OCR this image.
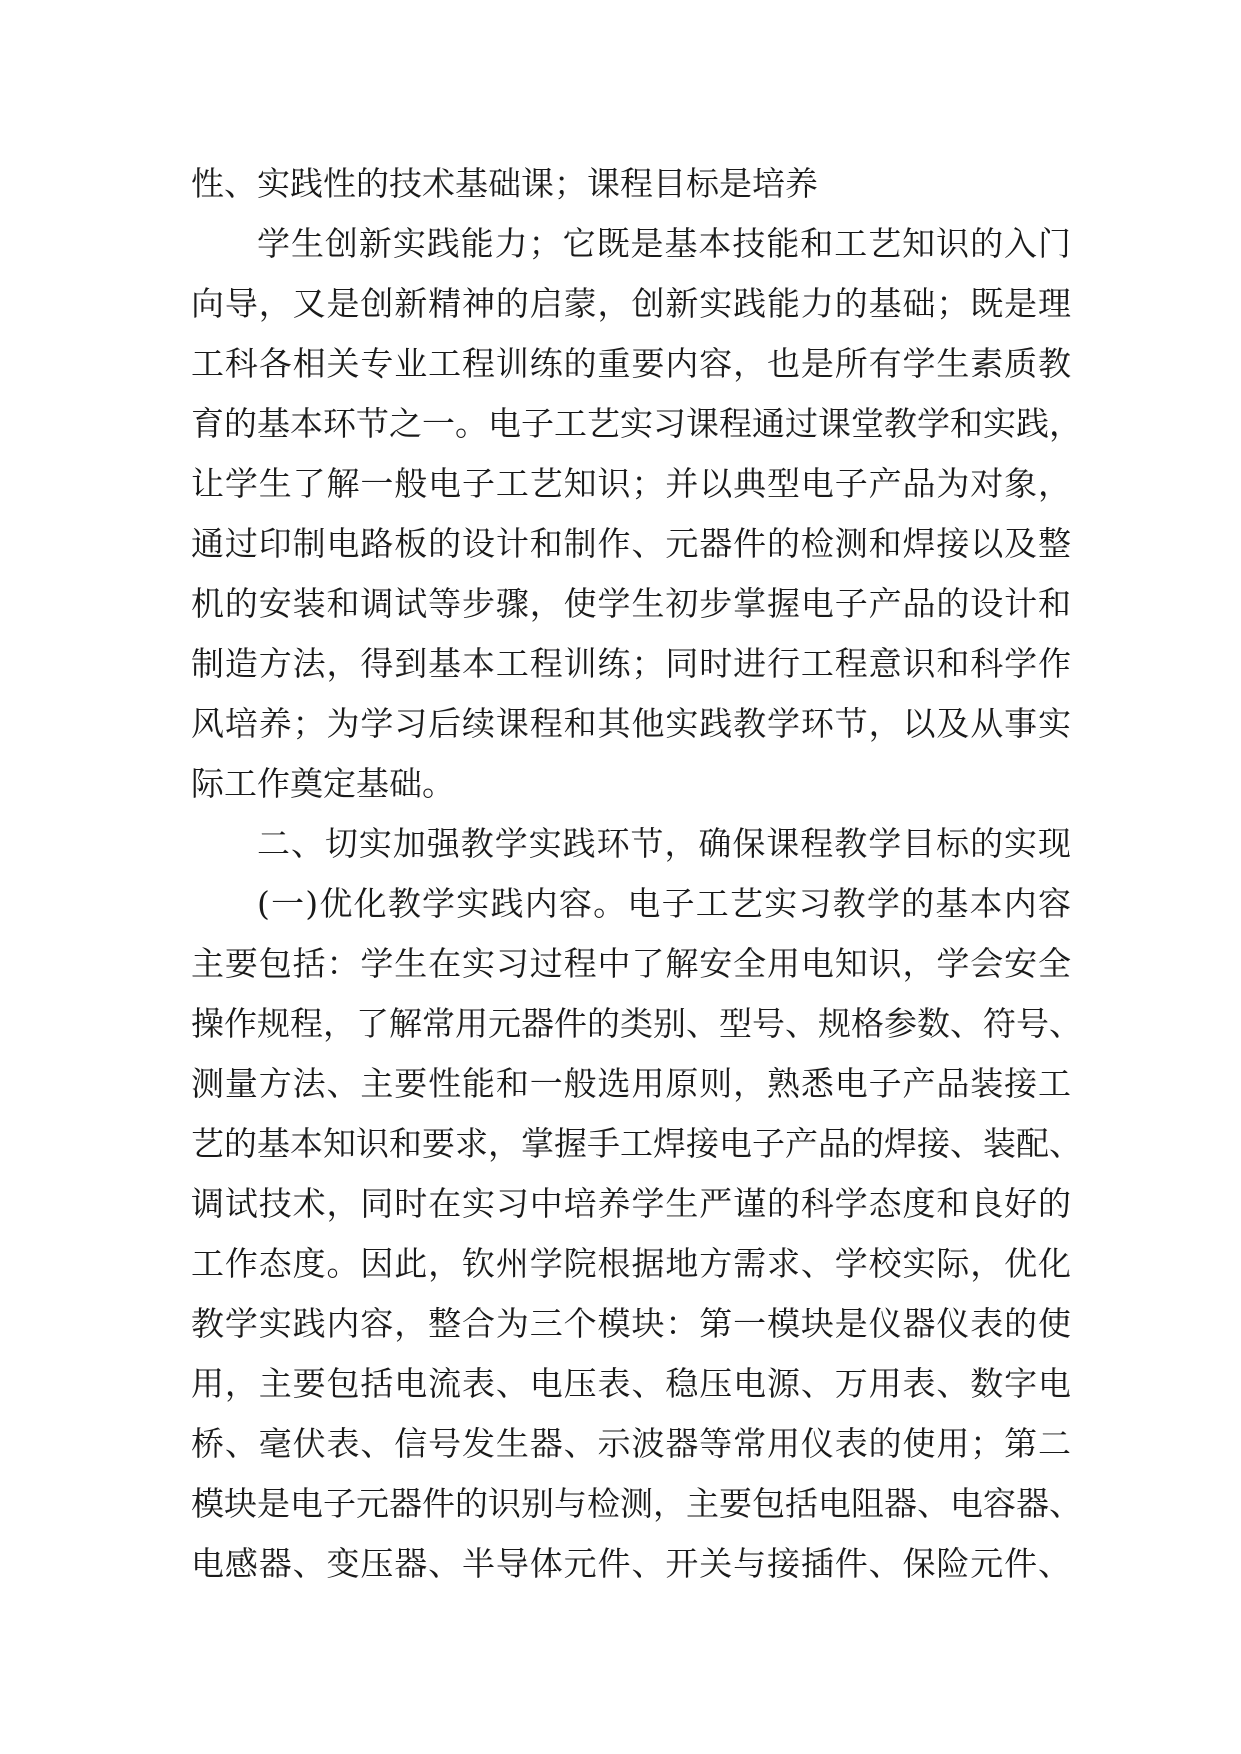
性、实践性的技术基础课；课程目标是培养
学生创新实践能力；它既是基本技能和工艺知识的入门
向导，又是创新精神的启蒙，创新实践能力的基础；既是理
工科各相关专业工程训练的重要内容，也是所有学生素质教
育的基本环节之一。电子工艺实习课程通过课堂教学和实践，
让学生了解一般电子工艺知识；并以典型电子产品为对象，
通过印制电路板的设计和制作、元器件的检测和焊接以及整
机的安装和调试等步骤，使学生初步掌握电子产品的设计和
制造方法，得到基本工程训练；同时进行工程意识和科学作
风培养；为学习后续课程和其他实践教学环节，以及从事实
际工作奠定基础。
二、切实加强教学实践环节，确保课程教学目标的实现
(一)优化教学实践内容。电子工艺实习教学的基本内容
主要包括：学生在实习过程中了解安全用电知识，学会安全
操作规程，了解常用元器件的类别、型号、规格参数、符号、
测量方法、主要性能和一般选用原则，熟悉电子产品装接工
艺的基本知识和要求，掌握手工焊接电子产品的焊接、装配、
调试技术，同时在实习中培养学生严谨的科学态度和良好的
工作态度。因此，钦州学院根据地方需求、学校实际，优化
教学实践内容，整合为三个模块：第一模块是仪器仪表的使
用，主要包括电流表、电压表、稳压电源、万用表、数字电
桥、毫伏表、信号发生器、示波器等常用仪表的使用；第二
模块是电子元器件的识别与检测，主要包括电阻器、电容器、
电感器、变压器、半导体元件、开关与接插件、保险元件、
